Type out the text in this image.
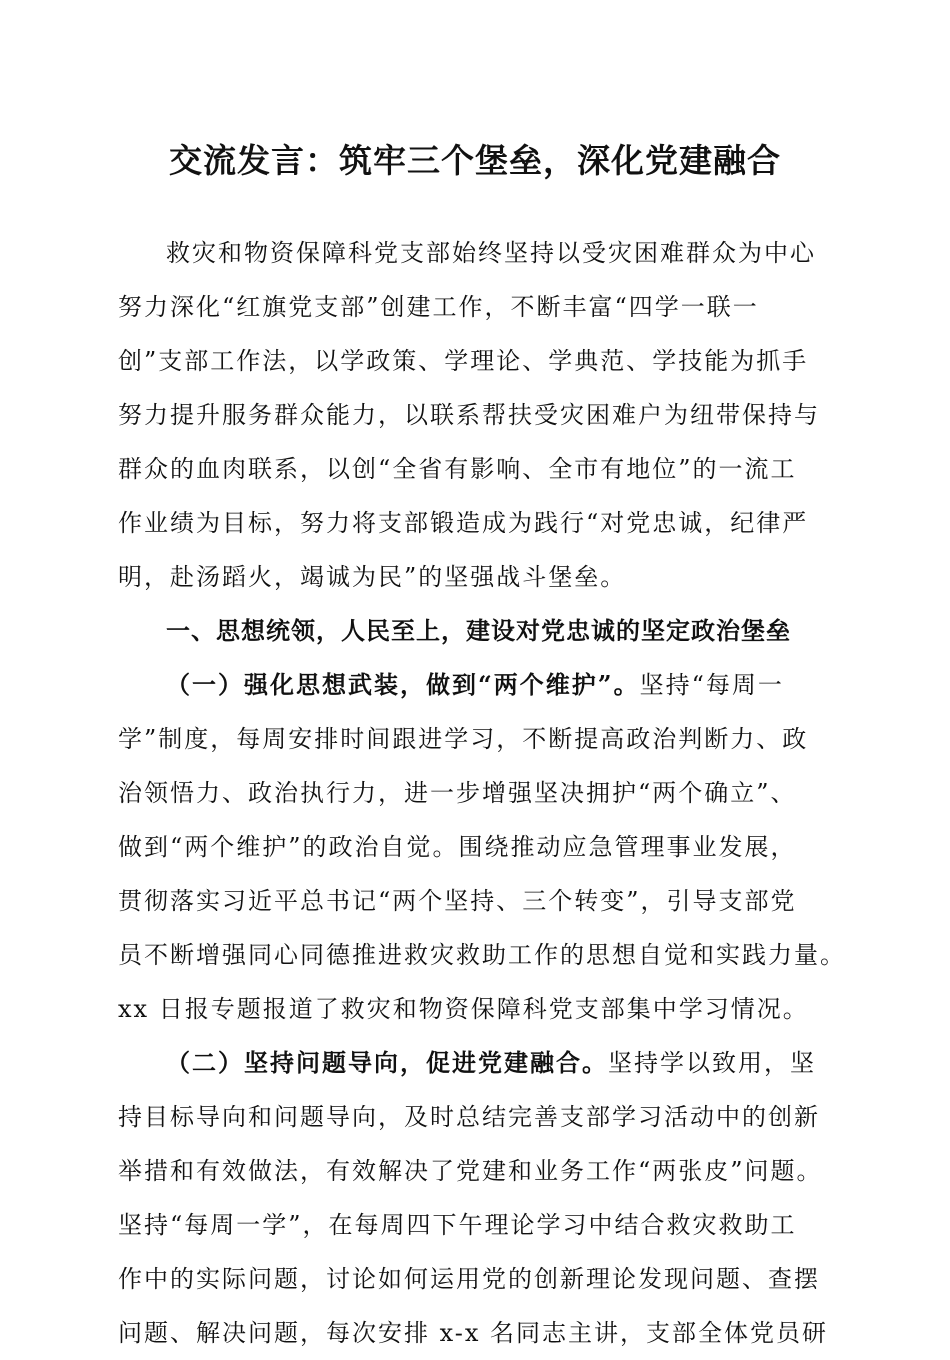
交流发言：筑牢三个堡垒，深化党建融合
救灾和物资保障科党支部始终坚持以受灾困难群众为中心
努力深化“红旗党支部”创建工作，不断丰富“四学一联一
创”支部工作法，以学政策、学理论、学典范、学技能为抓手
努力提升服务群众能力，以联系帮扶受灾困难户为纽带保持与
群众的血肉联系，以创“全省有影响、全市有地位”的一流工
作业绩为目标，努力将支部锻造成为践行“对党忠诚，纪律严
明，赴汤蹈火，竭诚为民”的坚强战斗堡垒。
一、思想统领，人民至上，建设对党忠诚的坚定政治堡垒
（一）强化思想武装，做到“两个维护”。坚持“每周一
学”制度，每周安排时间跟进学习，不断提高政治判断力、政
治领悟力、政治执行力，进一步增强坚决拥护“两个确立”、
做到“两个维护”的政治自觉。围绕推动应急管理事业发展，
贯彻落实习近平总书记“两个坚持、三个转变”，引导支部党
员不断增强同心同德推进救灾救助工作的思想自觉和实践力量。
xx 日报专题报道了救灾和物资保障科党支部集中学习情况。
（二）坚持问题导向，促进党建融合。坚持学以致用，坚
持目标导向和问题导向，及时总结完善支部学习活动中的创新
举措和有效做法，有效解决了党建和业务工作“两张皮”问题。
坚持“每周一学”，在每周四下午理论学习中结合救灾救助工
作中的实际问题，讨论如何运用党的创新理论发现问题、查摆
问题、解决问题，每次安排 x-x 名同志主讲，支部全体党员研
